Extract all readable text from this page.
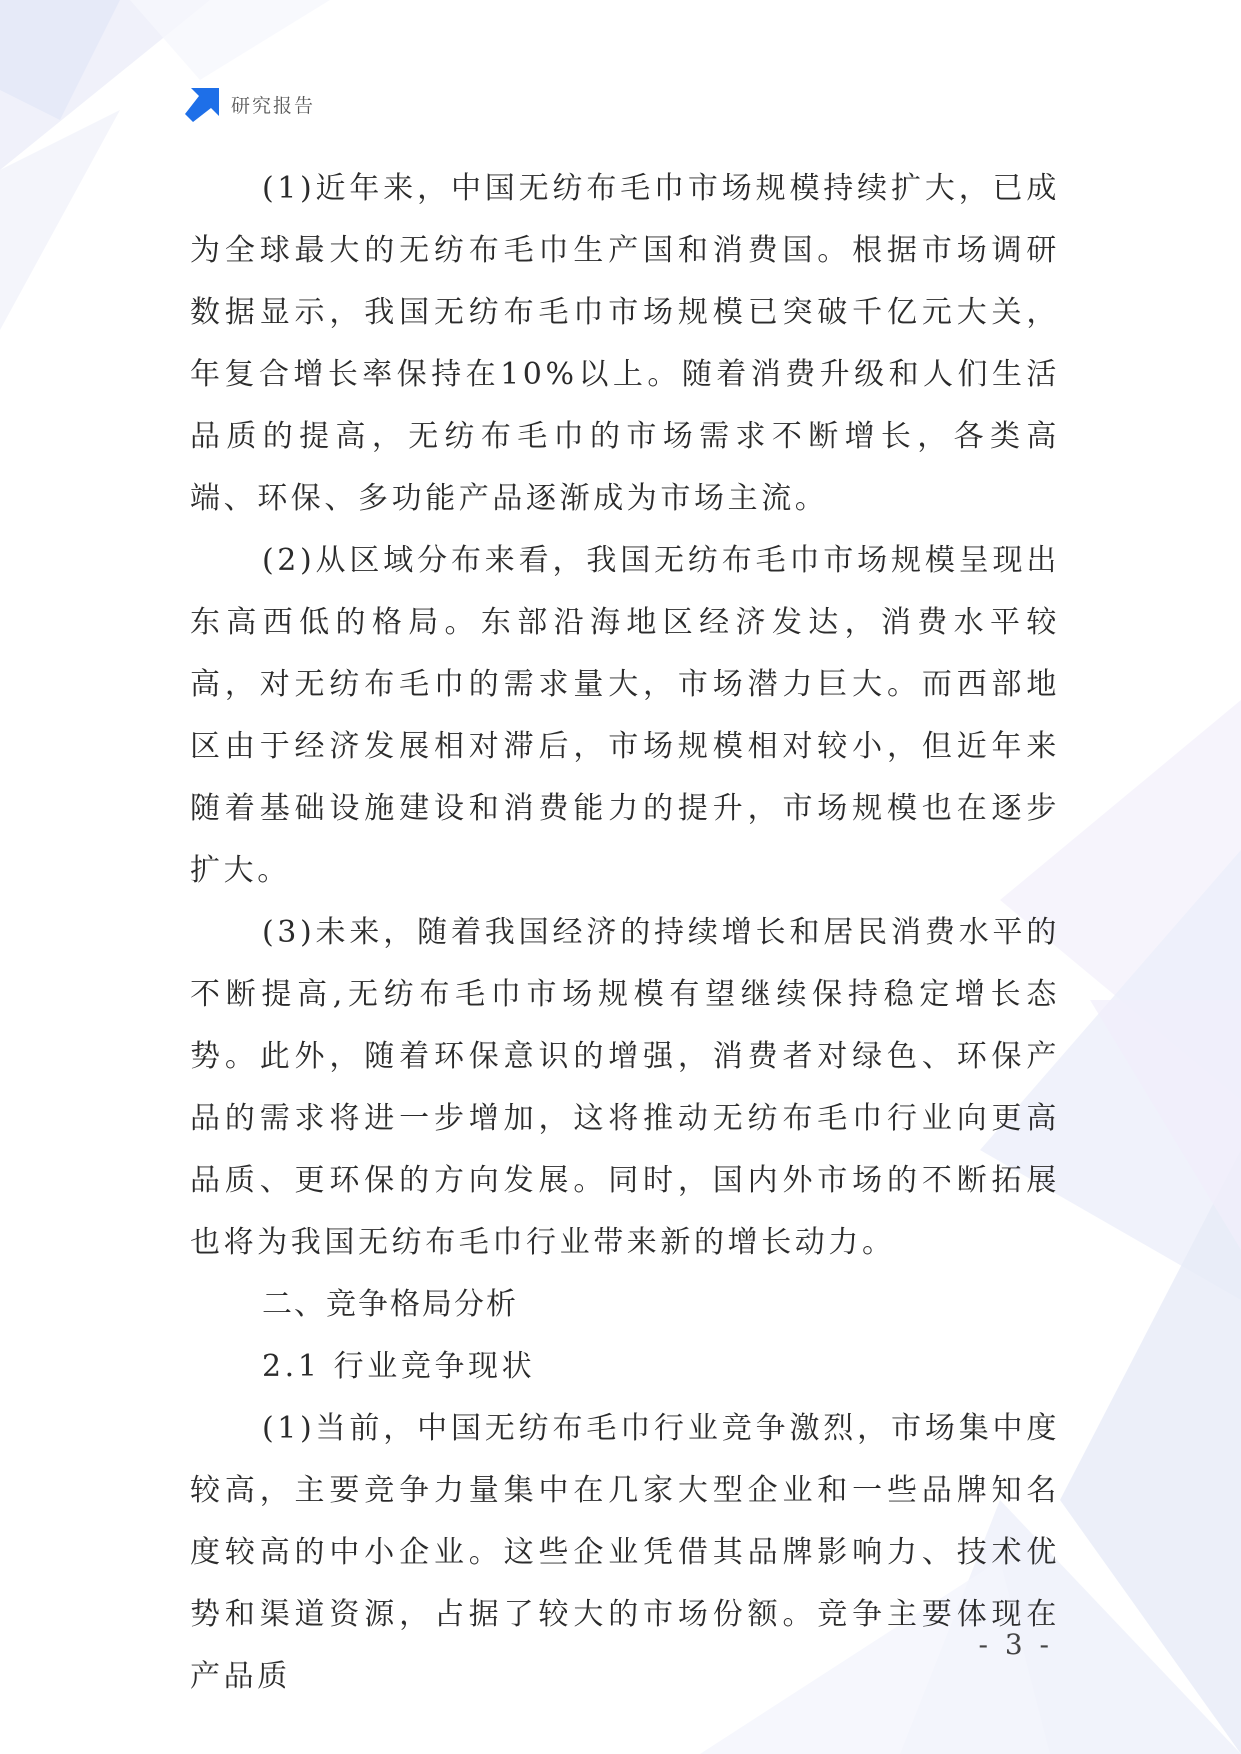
研究报告

(1)近年来，中国无纺布毛巾市场规模持续扩大，已成为全球最大的无纺布毛巾生产国和消费国。根据市场调研数据显示，我国无纺布毛巾市场规模已突破千亿元大关，年复合增长率保持在10%以上。随着消费升级和人们生活品质的提高，无纺布毛巾的市场需求不断增长，各类高端、环保、多功能产品逐渐成为市场主流。

(2)从区域分布来看，我国无纺布毛巾市场规模呈现出东高西低的格局。东部沿海地区经济发达，消费水平较高，对无纺布毛巾的需求量大，市场潜力巨大。而西部地区由于经济发展相对滞后，市场规模相对较小，但近年来随着基础设施建设和消费能力的提升，市场规模也在逐步扩大。

(3)未来，随着我国经济的持续增长和居民消费水平的不断提高,无纺布毛巾市场规模有望继续保持稳定增长态势。此外，随着环保意识的增强，消费者对绿色、环保产品的需求将进一步增加，这将推动无纺布毛巾行业向更高品质、更环保的方向发展。同时，国内外市场的不断拓展也将为我国无纺布毛巾行业带来新的增长动力。

二、竞争格局分析

2.1 行业竞争现状

(1)当前，中国无纺布毛巾行业竞争激烈，市场集中度较高，主要竞争力量集中在几家大型企业和一些品牌知名度较高的中小企业。这些企业凭借其品牌影响力、技术优势和渠道资源，占据了较大的市场份额。竞争主要体现在产品质

- 3 -
